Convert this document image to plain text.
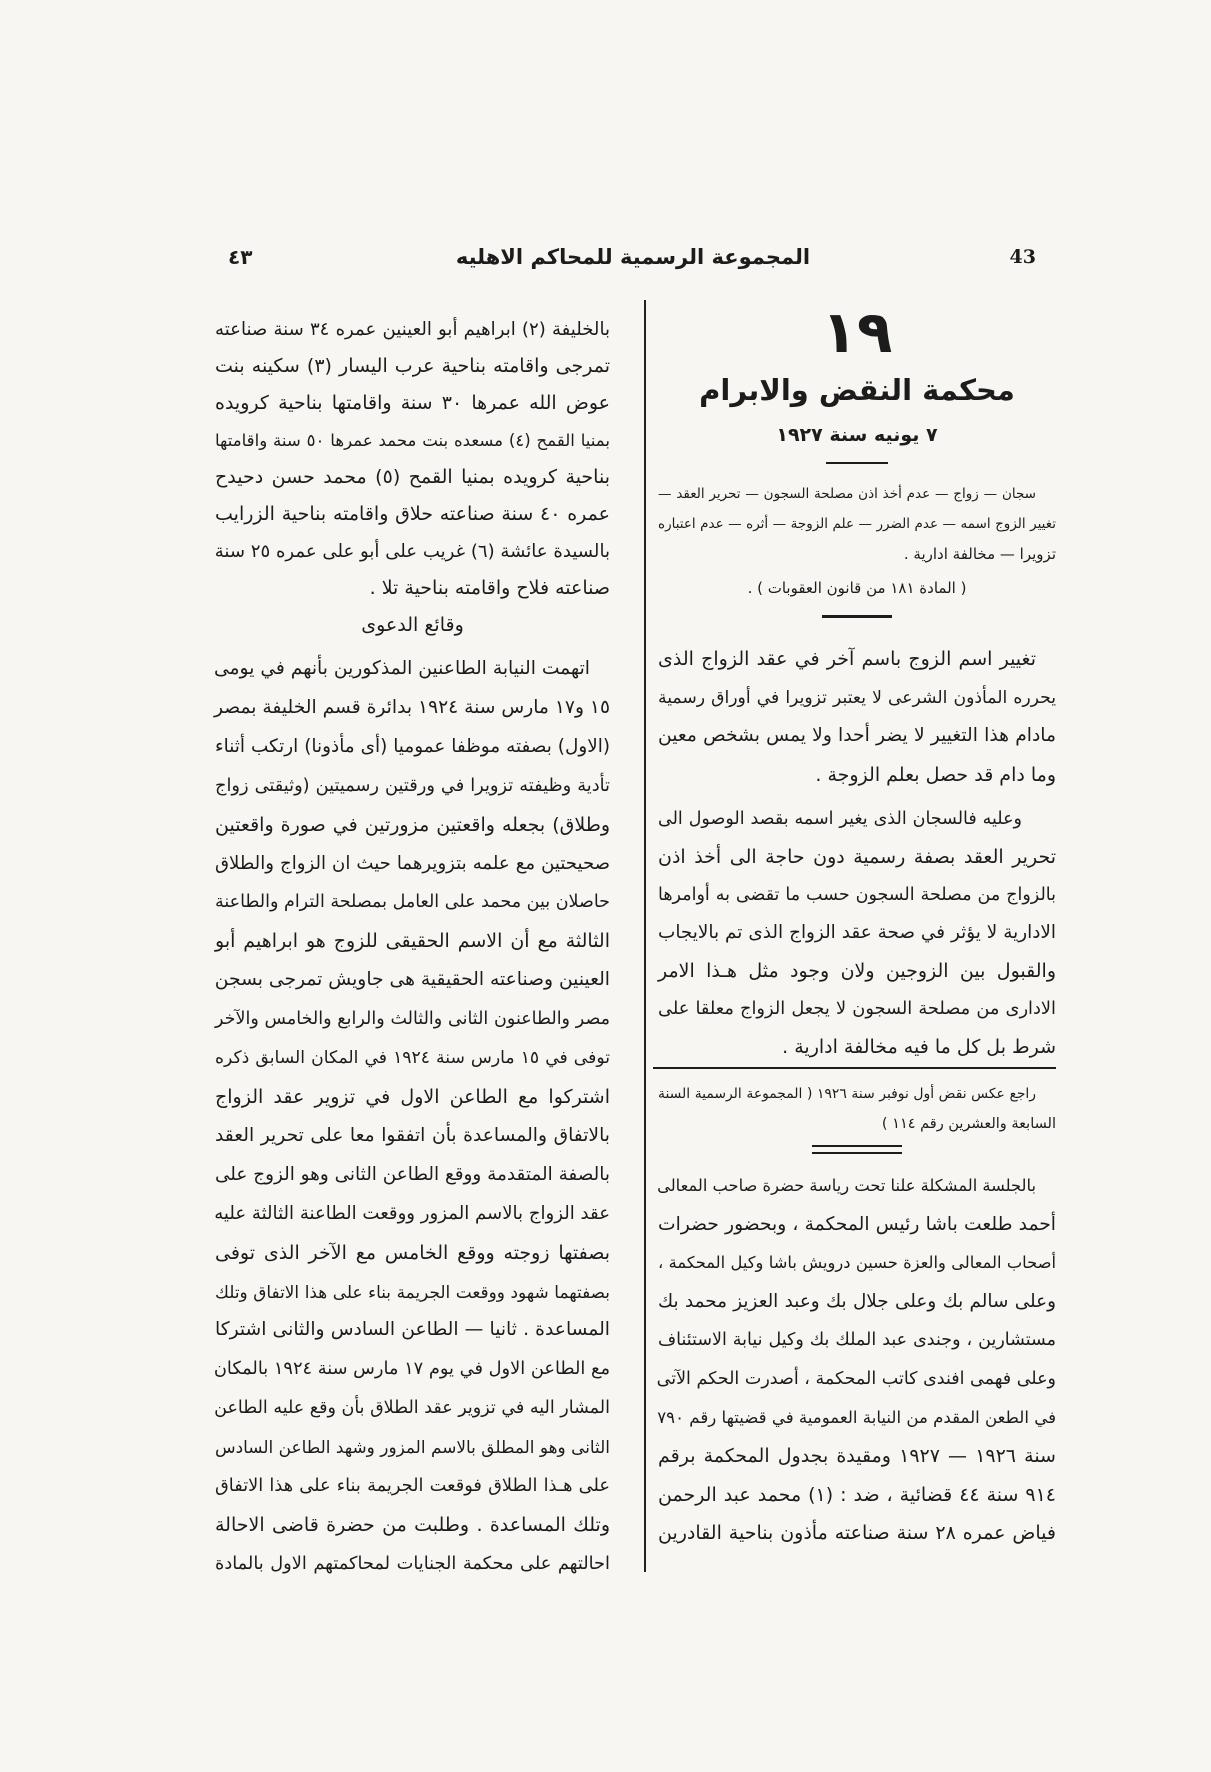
43
المجموعة الرسمية للمحاكم الاهليه
٤٣
١٩
محكمة النقض والابرام
٧ يونيه سنة ١٩٢٧
سجان — زواج — عدم أخذ اذن مصلحة السجون — تحرير العقد —
تغيير الزوج اسمه — عدم الضرر — علم الزوجة — أثره — عدم اعتباره
تزويرا — مخالفة ادارية .
( المادة ١٨١ من قانون العقوبات ) .
تغيير اسم الزوج باسم آخر في عقد الزواج الذى
يحرره المأذون الشرعى لا يعتبر تزويرا في أوراق رسمية
مادام هذا التغيير لا يضر أحدا ولا يمس بشخص معين
وما دام قد حصل بعلم الزوجة .
وعليه فالسجان الذى يغير اسمه بقصد الوصول الى
تحرير العقد بصفة رسمية دون حاجة الى أخذ اذن
بالزواج من مصلحة السجون حسب ما تقضى به أوامرها
الادارية لا يؤثر في صحة عقد الزواج الذى تم بالايجاب
والقبول بين الزوجين ولان وجود مثل هـذا الامر
الادارى من مصلحة السجون لا يجعل الزواج معلقا على
شرط بل كل ما فيه مخالفة ادارية .
راجع عكس نقض أول نوفبر سنة ١٩٢٦ ( المجموعة الرسمية السنة
السابعة والعشرين رقم ١١٤ )
بالجلسة المشكلة علنا تحت رياسة حضرة صاحب المعالى
أحمد طلعت باشا رئيس المحكمة ، وبحضور حضرات
أصحاب المعالى والعزة حسين درويش باشا وكيل المحكمة ،
وعلى سالم بك وعلى جلال بك وعبد العزيز محمد بك
مستشارين ، وجندى عبد الملك بك وكيل نيابة الاستئناف
وعلى فهمى افندى كاتب المحكمة ، أصدرت الحكم الآتى
في الطعن المقدم من النيابة العمومية في قضيتها رقم ٧٩٠
سنة ١٩٢٦ — ١٩٢٧ ومقيدة بجدول المحكمة برقم
٩١٤ سنة ٤٤ قضائية ، ضد : (١) محمد عبد الرحمن
فياض عمره ٢٨ سنة صناعته مأذون بناحية القادرين
بالخليفة (٢) ابراهيم أبو العينين عمره ٣٤ سنة صناعته
تمرجى واقامته بناحية عرب اليسار (٣) سكينه بنت
عوض الله عمرها ٣٠ سنة واقامتها بناحية كرويده
بمنيا القمح (٤) مسعده بنت محمد عمرها ٥٠ سنة واقامتها
بناحية كرويده بمنيا القمح (٥) محمد حسن دحيدح
عمره ٤٠ سنة صناعته حلاق واقامته بناحية الزرايب
بالسيدة عائشة (٦) غريب على أبو على عمره ٢٥ سنة
صناعته فلاح واقامته بناحية تلا .
وقائع الدعوى
اتهمت النيابة الطاعنين المذكورين بأنهم في يومى
١٥ و١٧ مارس سنة ١٩٢٤ بدائرة قسم الخليفة بمصر
(الاول) بصفته موظفا عموميا (أى مأذونا) ارتكب أثناء
تأدية وظيفته تزويرا في ورقتين رسميتين (وثيقتى زواج
وطلاق) بجعله واقعتين مزورتين في صورة واقعتين
صحيحتين مع علمه بتزويرهما حيث ان الزواج والطلاق
حاصلان بين محمد على العامل بمصلحة الترام والطاعنة
الثالثة مع أن الاسم الحقيقى للزوج هو ابراهيم أبو
العينين وصناعته الحقيقية هى جاويش تمرجى بسجن
مصر والطاعنون الثانى والثالث والرابع والخامس والآخر
توفى في ١٥ مارس سنة ١٩٢٤ في المكان السابق ذكره
اشتركوا مع الطاعن الاول في تزوير عقد الزواج
بالاتفاق والمساعدة بأن اتفقوا معا على تحرير العقد
بالصفة المتقدمة ووقع الطاعن الثانى وهو الزوج على
عقد الزواج بالاسم المزور ووقعت الطاعنة الثالثة عليه
بصفتها زوجته ووقع الخامس مع الآخر الذى توفى
بصفتهما شهود ووقعت الجريمة بناء على هذا الاتفاق وتلك
المساعدة . ثانيا — الطاعن السادس والثانى اشتركا
مع الطاعن الاول في يوم ١٧ مارس سنة ١٩٢٤ بالمكان
المشار اليه في تزوير عقد الطلاق بأن وقع عليه الطاعن
الثانى وهو المطلق بالاسم المزور وشهد الطاعن السادس
على هـذا الطلاق فوقعت الجريمة بناء على هذا الاتفاق
وتلك المساعدة . وطلبت من حضرة قاضى الاحالة
احالتهم على محكمة الجنايات لمحاكمتهم الاول بالمادة
